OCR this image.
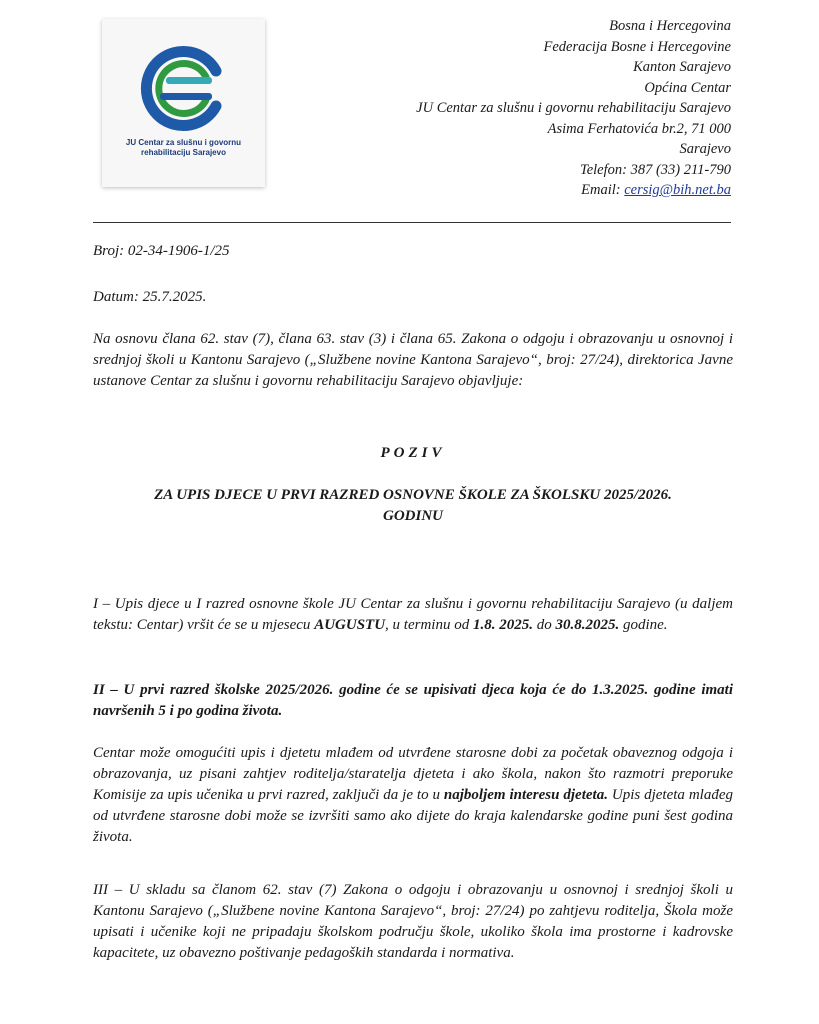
JU Centar za slušnu i govornu
rehabilitaciju Sarajevo
Bosna i Hercegovina
Federacija Bosne i Hercegovine
Kanton Sarajevo
Općina Centar
JU Centar za slušnu i govornu rehabilitaciju Sarajevo
Asima Ferhatovića br.2, 71 000
Sarajevo
Telefon: 387 (33) 211-790
Email: cersig@bih.net.ba
Broj: 02-34-1906-1/25
Datum: 25.7.2025.
Na osnovu člana 62. stav (7), člana 63. stav (3) i člana 65. Zakona o odgoju i obrazovanju u osnovnoj i srednjoj školi u Kantonu Sarajevo („Službene novine Kantona Sarajevo“, broj: 27/24), direktorica Javne ustanove Centar za slušnu i govornu rehabilitaciju Sarajevo objavljuje:
POZIV
ZA UPIS DJECE U PRVI RAZRED OSNOVNE ŠKOLE ZA ŠKOLSKU 2025/2026.
GODINU
I – Upis djece u I razred osnovne škole JU Centar za slušnu i govornu rehabilitaciju Sarajevo (u daljem tekstu: Centar) vršit će se u mjesecu AUGUSTU, u terminu od 1.8. 2025. do 30.8.2025. godine.
II – U prvi razred školske 2025/2026. godine će se upisivati djeca koja će do 1.3.2025. godine imati navršenih 5 i po godina života.
Centar može omogućiti upis i djetetu mlađem od utvrđene starosne dobi za početak obaveznog odgoja i obrazovanja, uz pisani zahtjev roditelja/staratelja djeteta i ako škola, nakon što razmotri preporuke Komisije za upis učenika u prvi razred, zaključi da je to u najboljem interesu djeteta. Upis djeteta mlađeg od utvrđene starosne dobi može se izvršiti samo ako dijete do kraja kalendarske godine puni šest godina života.
III – U skladu sa članom 62. stav (7) Zakona o odgoju i obrazovanju u osnovnoj i srednjoj školi u Kantonu Sarajevo („Službene novine Kantona Sarajevo“, broj: 27/24) po zahtjevu roditelja, Škola može upisati i učenike koji ne pripadaju školskom području škole, ukoliko škola ima prostorne i kadrovske kapacitete, uz obavezno poštivanje pedagoških standarda i normativa.
